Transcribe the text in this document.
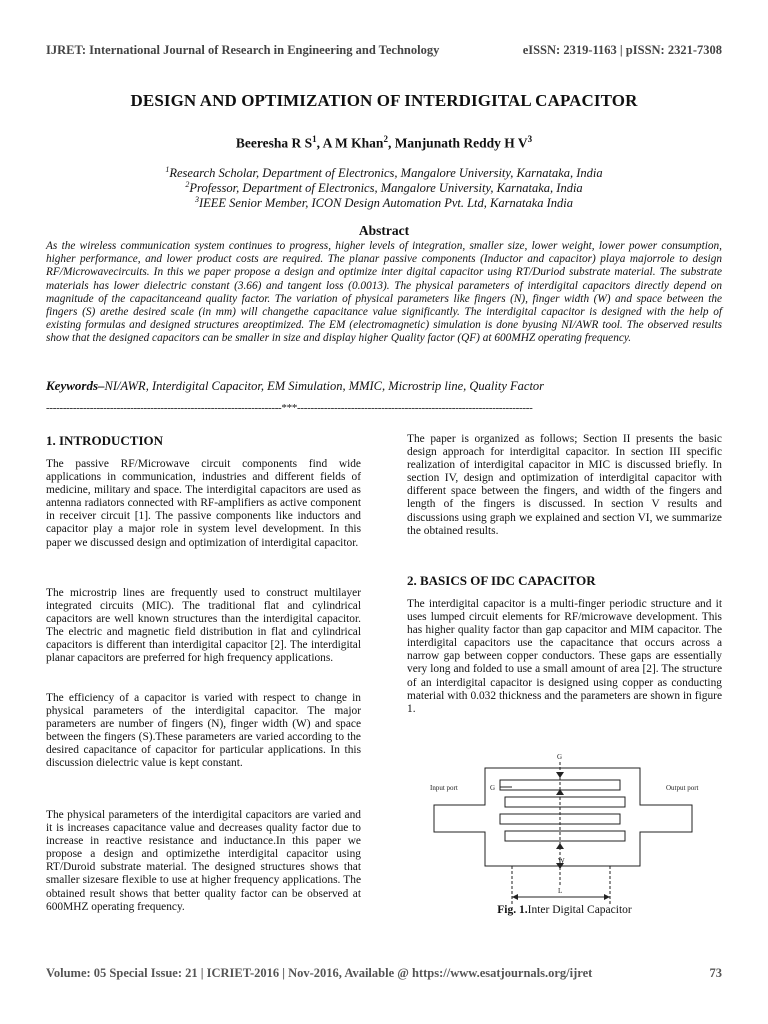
IJRET: International Journal of Research in Engineering and Technology	eISSN: 2319-1163 | pISSN: 2321-7308
DESIGN AND OPTIMIZATION OF INTERDIGITAL CAPACITOR
Beeresha R $S^1$, A M Khan$^2$, Manjunath Reddy H $V^3$
$^1$Research Scholar, Department of Electronics, Mangalore University, Karnataka, India
$^2$Professor, Department of Electronics, Mangalore University, Karnataka, India
$^3$IEEE Senior Member, ICON Design Automation Pvt. Ltd, Karnataka India
Abstract
As the wireless communication system continues to progress, higher levels of integration, smaller size, lower weight, lower power consumption, higher performance, and lower product costs are required. The planar passive components (Inductor and capacitor) playa majorrole to design RF/Microwavecircuits. In this we paper propose a design and optimize inter digital capacitor using RT/Duriod substrate material. The substrate materials has lower dielectric constant (3.66) and tangent loss (0.0013). The physical parameters of interdigital capacitors directly depend on magnitude of the capacitanceand quality factor. The variation of physical parameters like fingers (N), finger width (W) and space between the fingers (S) arethe desired scale (in mm) will changethe capacitance value significantly. The interdigital capacitor is designed with the help of existing formulas and designed structures areoptimized. The EM (electromagnetic) simulation is done byusing NI/AWR tool. The observed results show that the designed capacitors can be smaller in size and display higher Quality factor (QF) at 600MHZ operating frequency.
Keywords–NI/AWR, Interdigital Capacitor, EM Simulation, MMIC, Microstrip line, Quality Factor
----------------------------------------------------------------------***----------------------------------------------------------------------
1. INTRODUCTION
The passive RF/Microwave circuit components find wide applications in communication, industries and different fields of medicine, military and space. The interdigital capacitors are used as antenna radiators connected with RF-amplifiers as active component in receiver circuit [1]. The passive components like inductors and capacitor play a major role in system level development. In this paper we discussed design and optimization of interdigital capacitor.
The microstrip lines are frequently used to construct multilayer integrated circuits (MIC). The traditional flat and cylindrical capacitors are well known structures than the interdigital capacitor. The electric and magnetic field distribution in flat and cylindrical capacitors is different than interdigital capacitor [2]. The interdigital planar capacitors are preferred for high frequency applications.
The efficiency of a capacitor is varied with respect to change in physical parameters of the interdigital capacitor. The major parameters are number of fingers (N), finger width (W) and space between the fingers (S).These parameters are varied according to the desired capacitance of capacitor for particular applications. In this discussion dielectric value is kept constant.
The physical parameters of the interdigital capacitors are varied and it is increases capacitance value and decreases quality factor due to increase in reactive resistance and inductance.In this paper we propose a design and optimizethe interdigital capacitor using RT/Duroid substrate material. The designed structures shows that smaller sizesare flexible to use at higher frequency applications. The obtained result shows that better quality factor can be observed at 600MHZ operating frequency.
The paper is organized as follows; Section II presents the basic design approach for interdigital capacitor. In section III specific realization of interdigital capacitor in MIC is discussed briefly. In section IV, design and optimization of interdigital capacitor with different space between the fingers, and width of the fingers and length of the fingers is discussed. In section V results and discussions using graph we explained and section VI, we summarize the obtained results.
2. BASICS OF IDC CAPACITOR
The interdigital capacitor is a multi-finger periodic structure and it uses lumped circuit elements for RF/microwave development. This has higher quality factor than gap capacitor and MIM capacitor. The interdigital capacitors use the capacitance that occurs across a narrow gap between copper conductors. These gaps are essentially very long and folded to use a small amount of area [2]. The structure of an interdigital capacitor is designed using copper as conducting material with 0.032 thickness and the parameters are shown in figure 1.
G
G
Input port	Output port
W
L
Fig. 1.Inter Digital Capacitor
Volume: 05 Special Issue: 21 | ICRIET-2016 | Nov-2016, Available @ https://www.esatjournals.org/ijret	73
